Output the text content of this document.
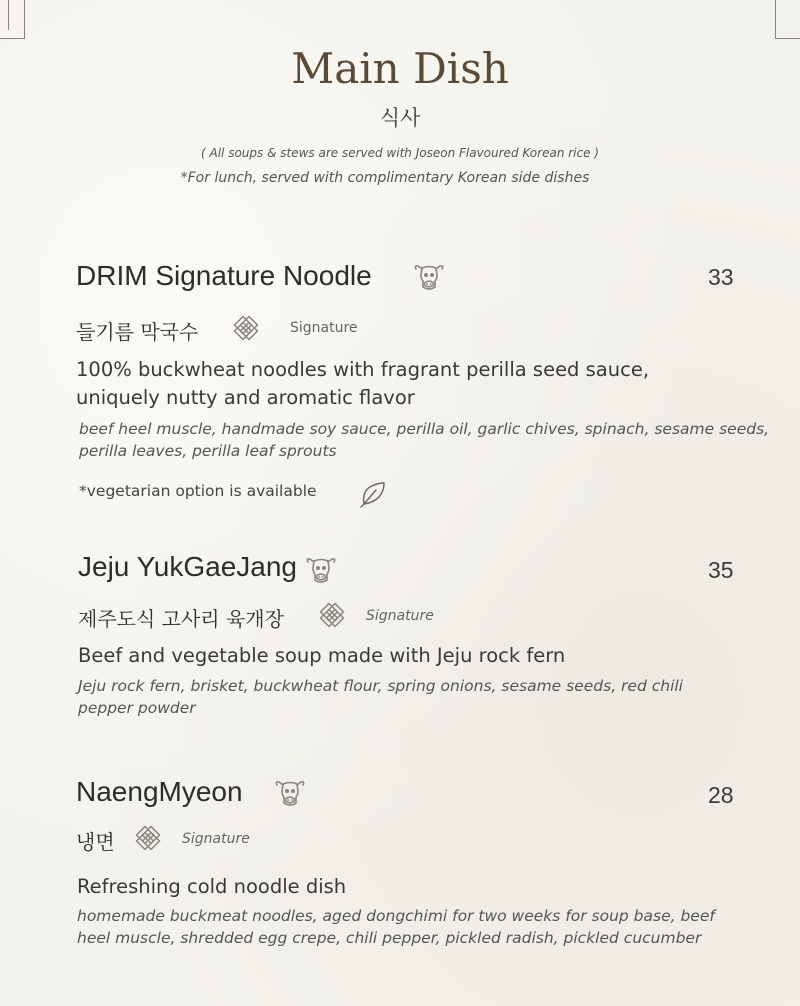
Main Dish
식사
( All soups & stews are served with Joseon Flavoured Korean rice )
*For lunch, served with complimentary Korean side dishes
DRIM Signature Noodle	33
들기름 막국수	Signature
100% buckwheat noodles with fragrant perilla seed sauce, uniquely nutty and aromatic flavor
beef heel muscle, handmade soy sauce, perilla oil, garlic chives, spinach, sesame seeds, perilla leaves, perilla leaf sprouts
*vegetarian option is available
Jeju YukGaeJang	35
제주도식 고사리 육개장	Signature
Beef and vegetable soup made with Jeju rock fern
Jeju rock fern, brisket, buckwheat flour, spring onions, sesame seeds, red chili pepper powder
NaengMyeon	28
냉면	Signature
Refreshing cold noodle dish
homemade buckmeat noodles, aged dongchimi for two weeks for soup base, beef heel muscle, shredded egg crepe, chili pepper, pickled radish, pickled cucumber
